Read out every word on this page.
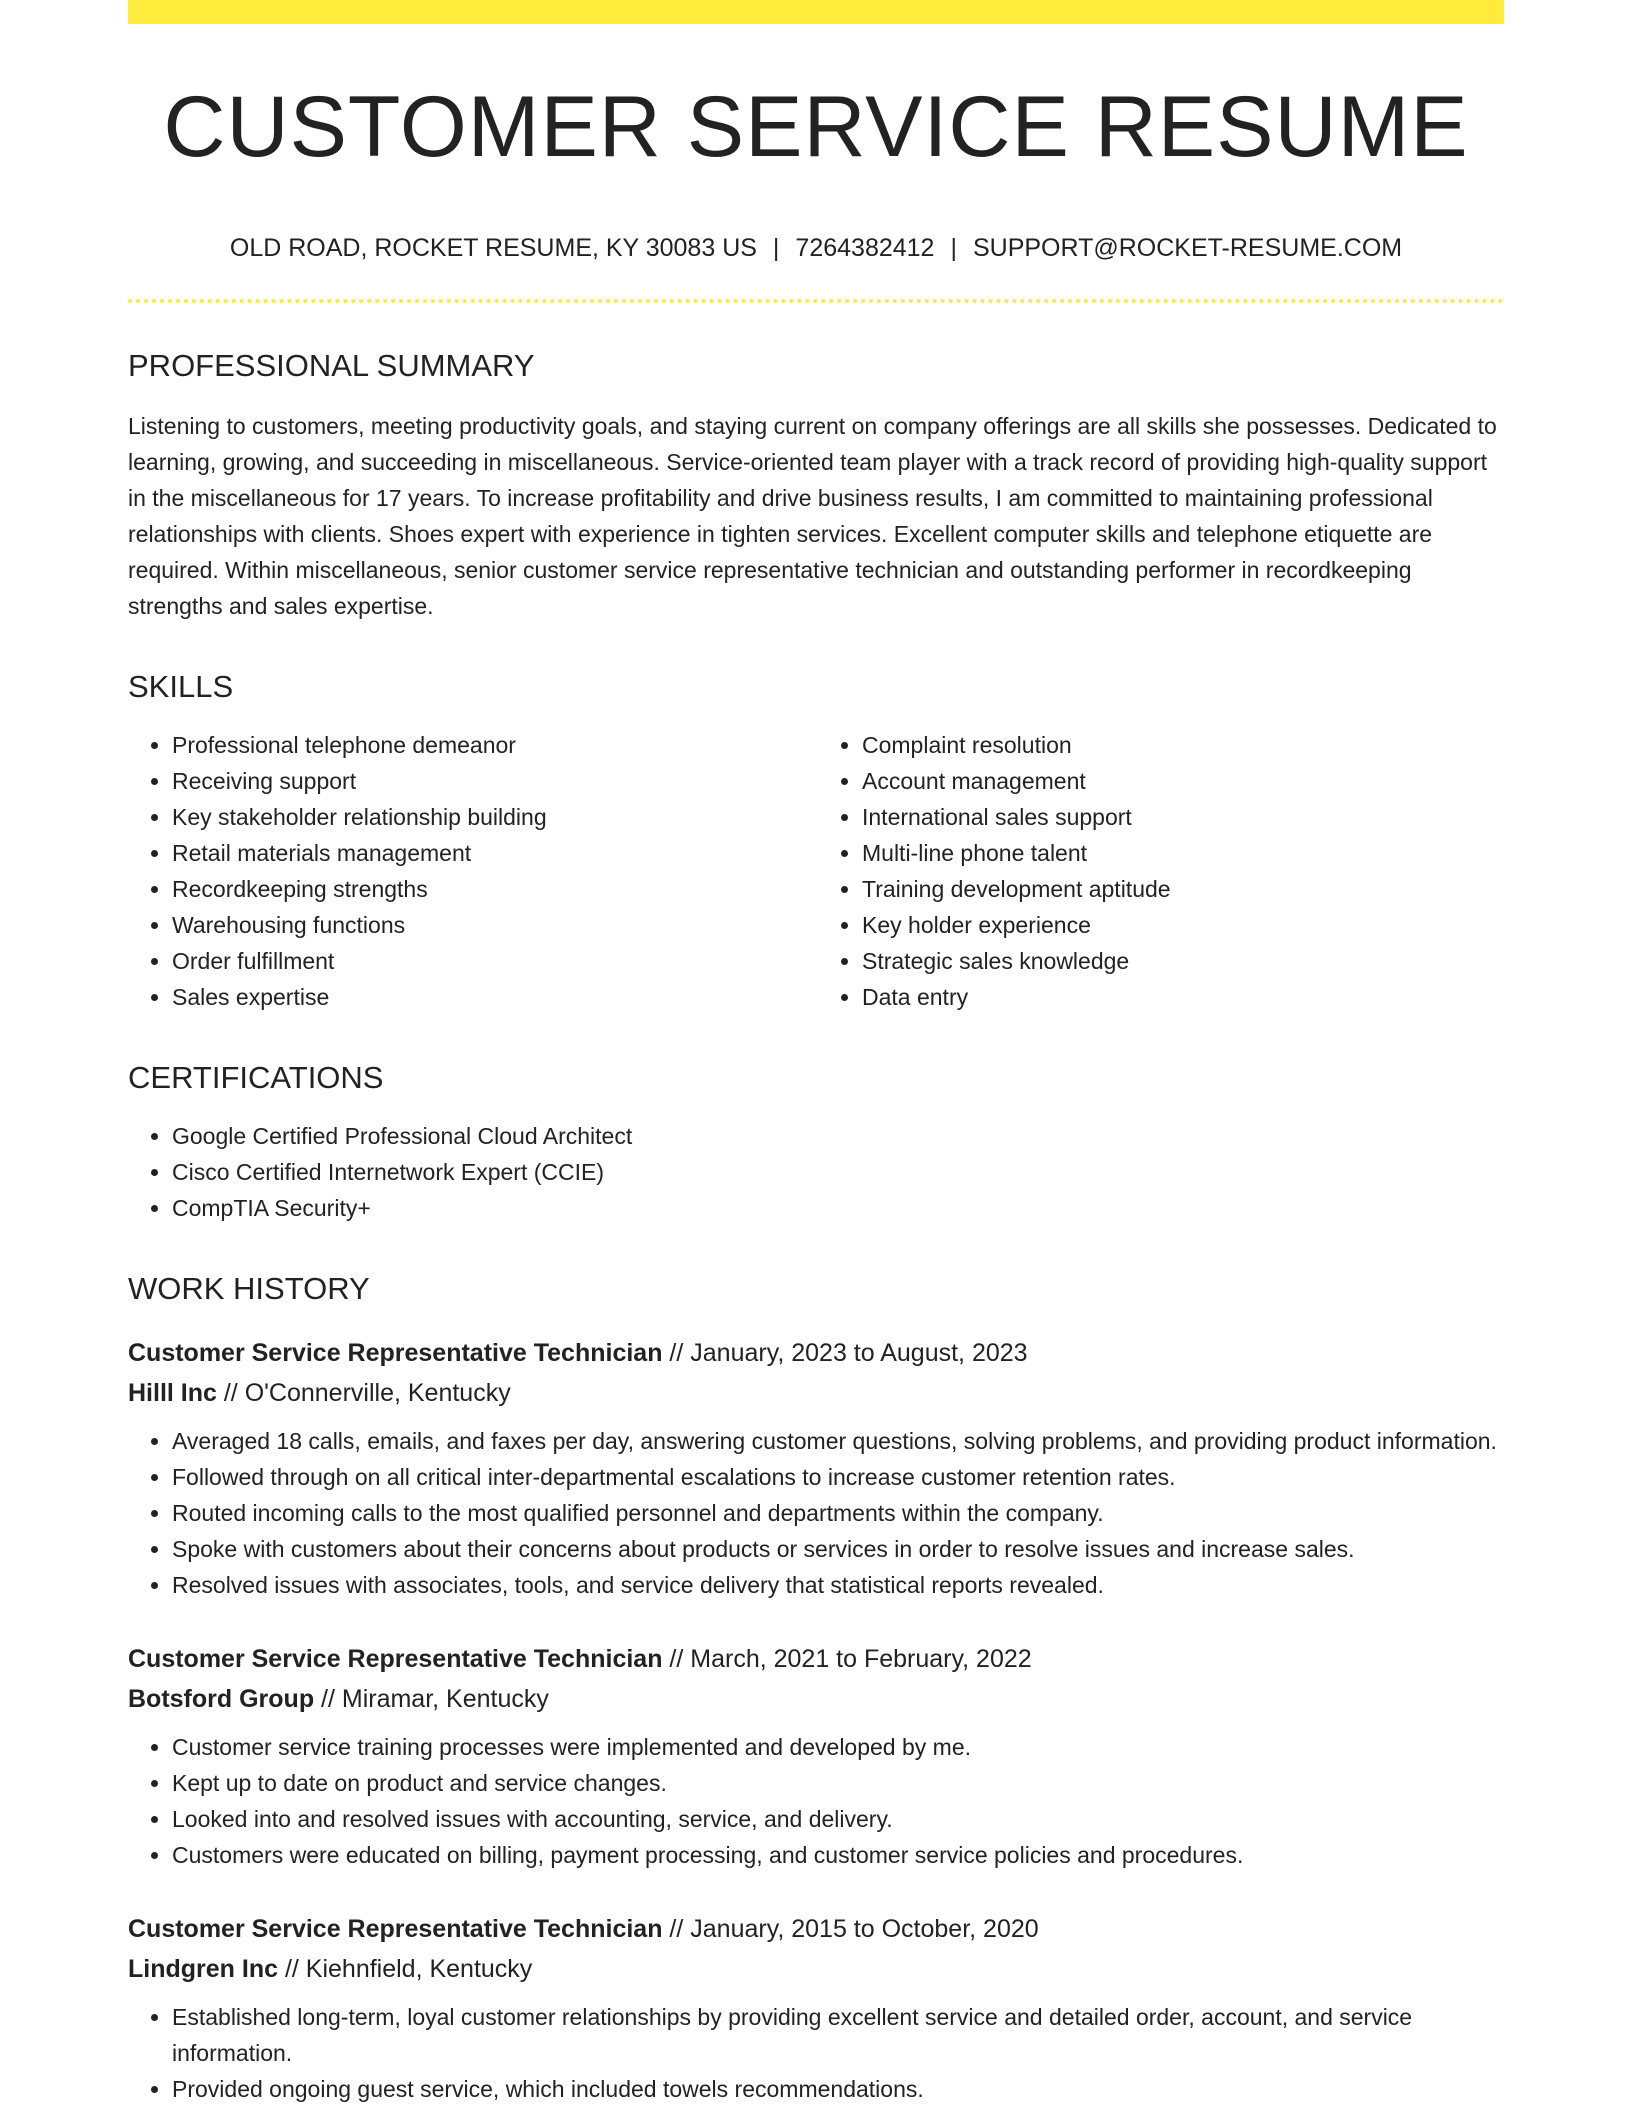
CUSTOMER SERVICE RESUME
OLD ROAD, ROCKET RESUME, KY 30083 US | 7264382412 | SUPPORT@ROCKET-RESUME.COM
PROFESSIONAL SUMMARY

Listening to customers, meeting productivity goals, and staying current on company offerings are all skills she possesses. Dedicated to learning, growing, and succeeding in miscellaneous. Service-oriented team player with a track record of providing high-quality support in the miscellaneous for 17 years. To increase profitability and drive business results, I am committed to maintaining professional relationships with clients. Shoes expert with experience in tighten services. Excellent computer skills and telephone etiquette are required. Within miscellaneous, senior customer service representative technician and outstanding performer in recordkeeping strengths and sales expertise.

SKILLS
• Professional telephone demeanor
• Receiving support
• Key stakeholder relationship building
• Retail materials management
• Recordkeeping strengths
• Warehousing functions
• Order fulfillment
• Sales expertise
• Complaint resolution
• Account management
• International sales support
• Multi-line phone talent
• Training development aptitude
• Key holder experience
• Strategic sales knowledge
• Data entry
CERTIFICATIONS
• Google Certified Professional Cloud Architect
• Cisco Certified Internetwork Expert (CCIE)
• CompTIA Security+
WORK HISTORY
Customer Service Representative Technician // January, 2023 to August, 2023
Hilll Inc // O'Connerville, Kentucky
• Averaged 18 calls, emails, and faxes per day, answering customer questions, solving problems, and providing product information.
• Followed through on all critical inter-departmental escalations to increase customer retention rates.
• Routed incoming calls to the most qualified personnel and departments within the company.
• Spoke with customers about their concerns about products or services in order to resolve issues and increase sales.
• Resolved issues with associates, tools, and service delivery that statistical reports revealed.
Customer Service Representative Technician // March, 2021 to February, 2022
Botsford Group // Miramar, Kentucky
• Customer service training processes were implemented and developed by me.
• Kept up to date on product and service changes.
• Looked into and resolved issues with accounting, service, and delivery.
• Customers were educated on billing, payment processing, and customer service policies and procedures.
Customer Service Representative Technician // January, 2015 to October, 2020
Lindgren Inc // Kiehnfield, Kentucky
• Established long-term, loyal customer relationships by providing excellent service and detailed order, account, and service information.
• Provided ongoing guest service, which included towels recommendations.
